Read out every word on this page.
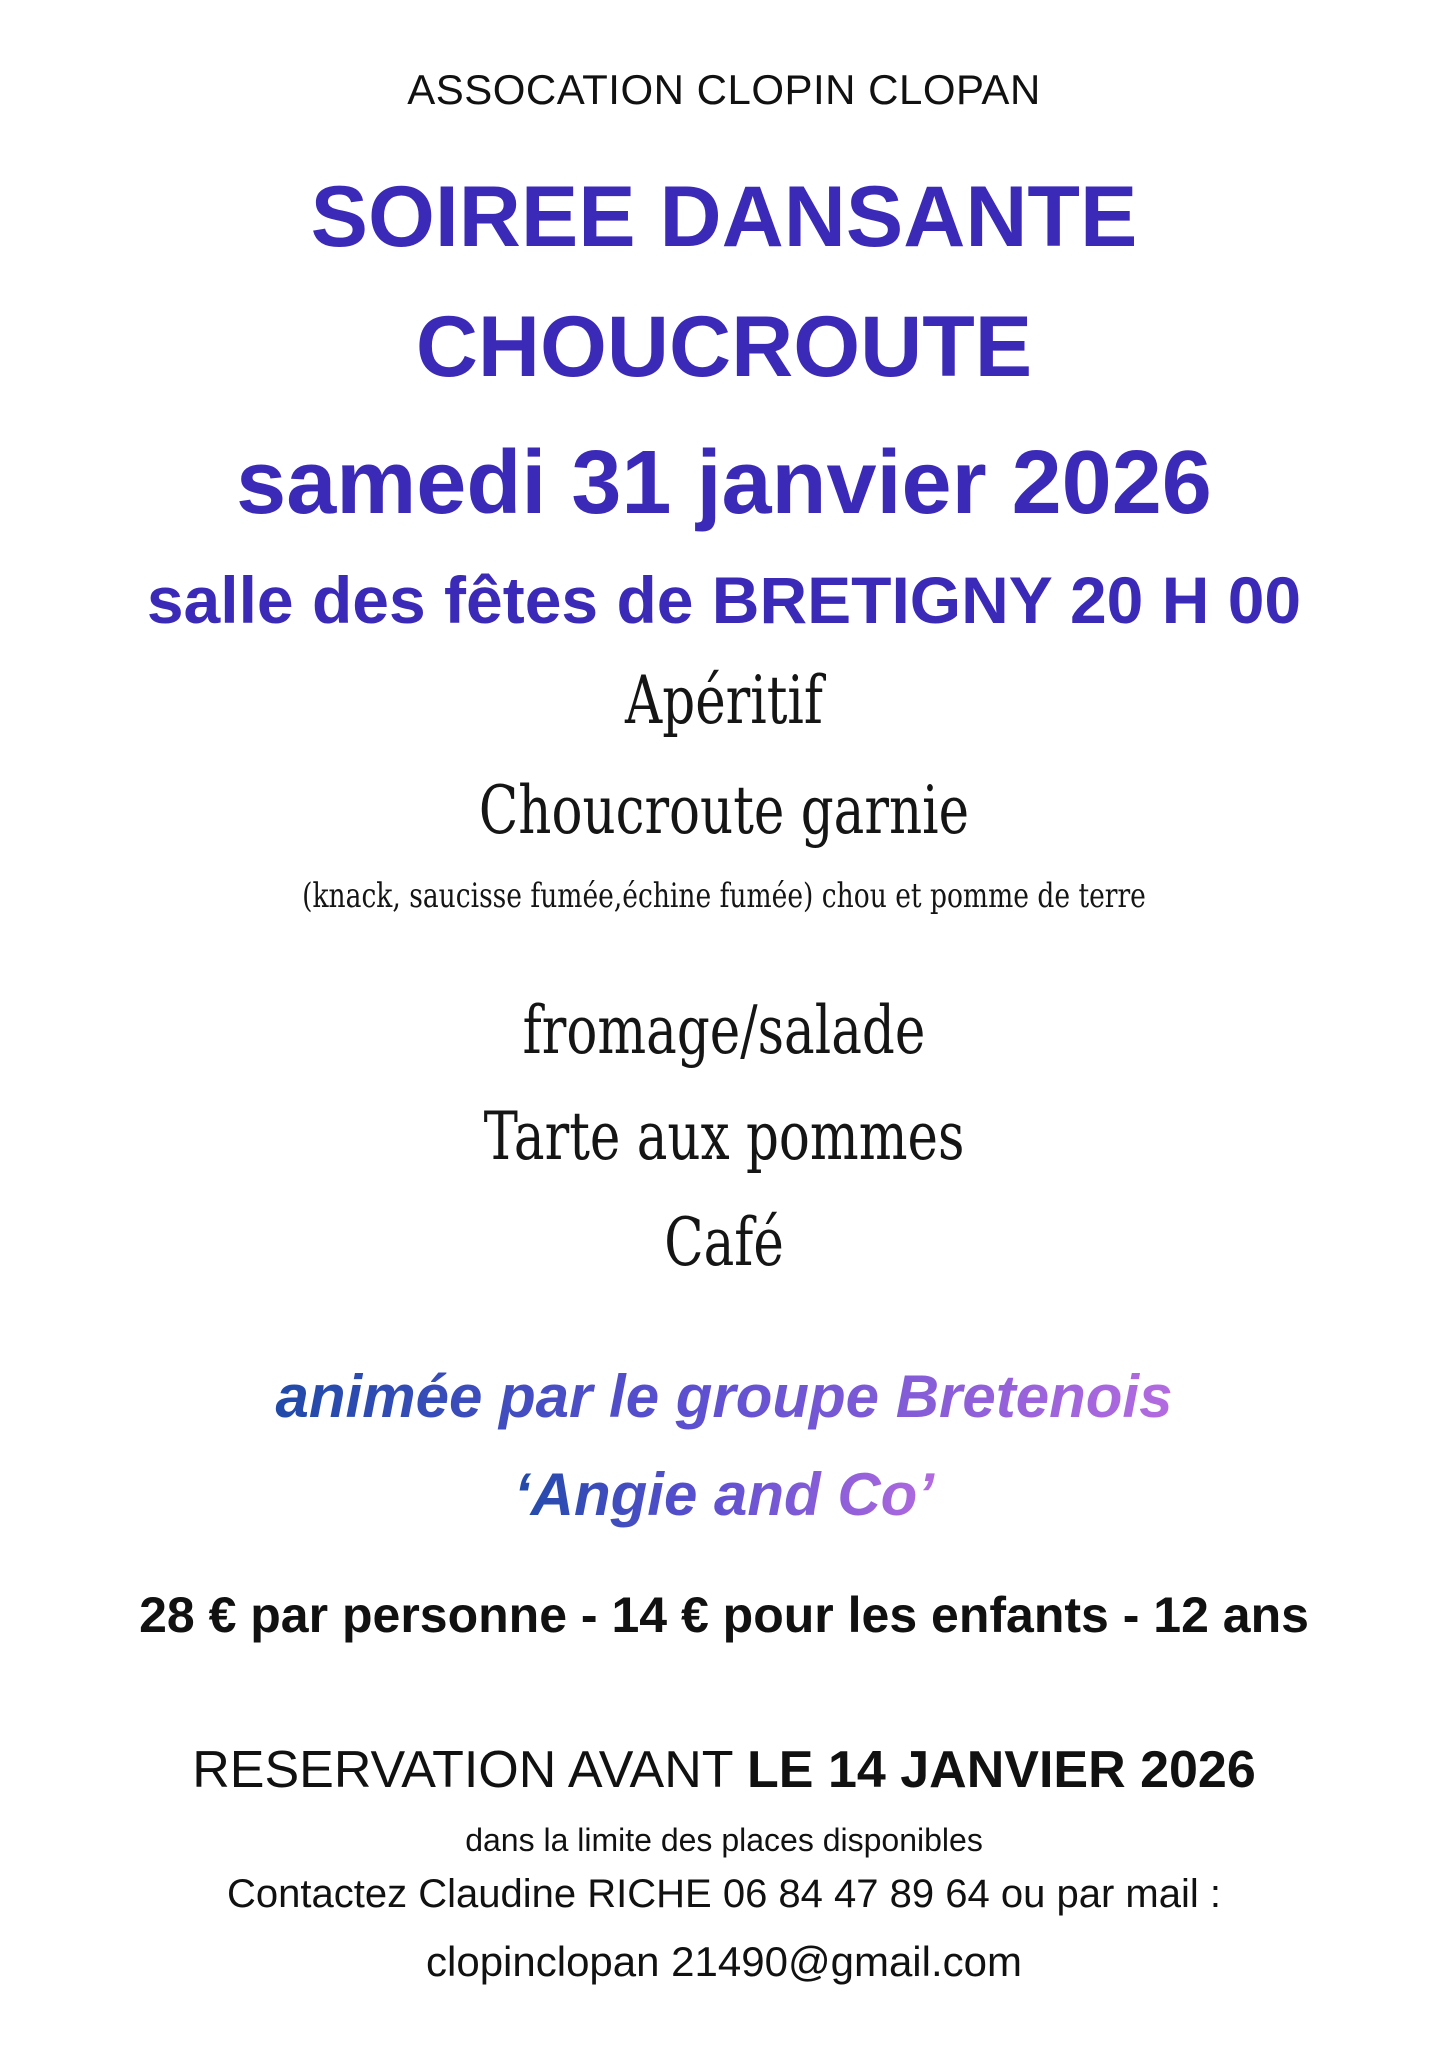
ASSOCATION CLOPIN CLOPAN

SOIREE DANSANTE

CHOUCROUTE

samedi 31 janvier 2026

salle des fêtes de BRETIGNY 20 H 00

Apéritif

Choucroute garnie

(knack, saucisse fumée,échine fumée) chou et pomme de terre

fromage/salade

Tarte aux pommes

Café

animée par le groupe Bretenois

‘Angie and Co’

28 € par personne - 14 € pour les enfants - 12 ans

RESERVATION AVANT LE 14 JANVIER 2026

dans la limite des places disponibles

Contactez Claudine RICHE 06 84 47 89 64 ou par mail :

clopinclopan 21490@gmail.com
